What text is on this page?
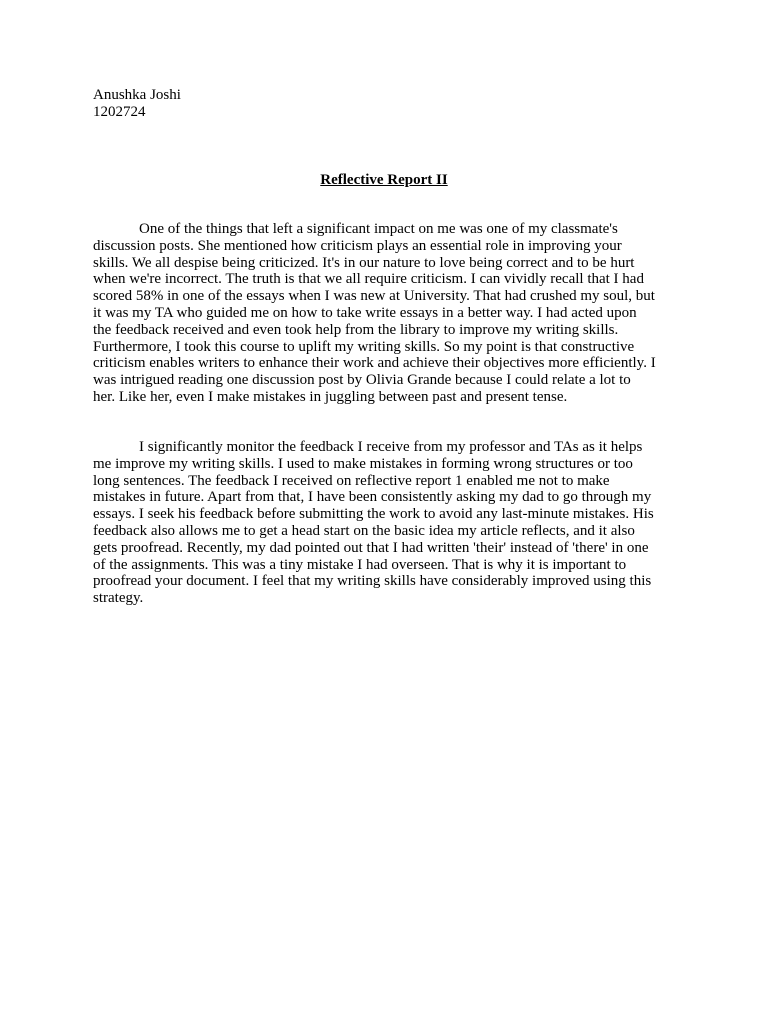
Anushka Joshi
1202724
Reflective Report II
One of the things that left a significant impact on me was one of my classmate's
discussion posts. She mentioned how criticism plays an essential role in improving your
skills. We all despise being criticized. It's in our nature to love being correct and to be hurt
when we're incorrect. The truth is that we all require criticism. I can vividly recall that I had
scored 58% in one of the essays when I was new at University. That had crushed my soul, but
it was my TA who guided me on how to take write essays in a better way. I had acted upon
the feedback received and even took help from the library to improve my writing skills.
Furthermore, I took this course to uplift my writing skills. So my point is that constructive
criticism enables writers to enhance their work and achieve their objectives more efficiently. I
was intrigued reading one discussion post by Olivia Grande because I could relate a lot to
her. Like her, even I make mistakes in juggling between past and present tense.
I significantly monitor the feedback I receive from my professor and TAs as it helps
me improve my writing skills. I used to make mistakes in forming wrong structures or too
long sentences. The feedback I received on reflective report 1 enabled me not to make
mistakes in future. Apart from that, I have been consistently asking my dad to go through my
essays. I seek his feedback before submitting the work to avoid any last-minute mistakes. His
feedback also allows me to get a head start on the basic idea my article reflects, and it also
gets proofread. Recently, my dad pointed out that I had written 'their' instead of 'there' in one
of the assignments. This was a tiny mistake I had overseen. That is why it is important to
proofread your document. I feel that my writing skills have considerably improved using this
strategy.
